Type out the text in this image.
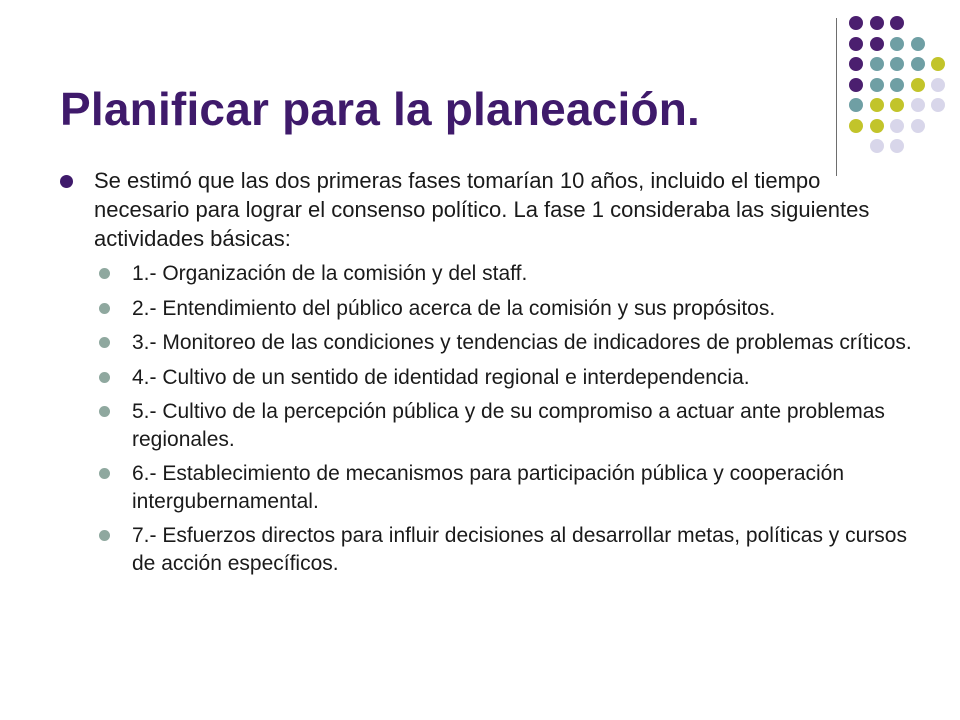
Planificar para la planeación.
Se estimó que las dos primeras fases tomarían 10 años, incluido el tiempo necesario para lograr el consenso político. La fase 1 consideraba las siguientes actividades básicas:
1.- Organización de la comisión y del staff.
2.- Entendimiento del público acerca de la comisión y sus propósitos.
3.- Monitoreo de las condiciones y tendencias de indicadores de problemas críticos.
4.- Cultivo de un sentido de identidad regional e interdependencia.
5.- Cultivo de la percepción pública y de su compromiso a actuar ante problemas regionales.
6.- Establecimiento de mecanismos para participación pública y cooperación intergubernamental.
7.- Esfuerzos directos para influir decisiones al desarrollar metas, políticas y cursos de acción específicos.
